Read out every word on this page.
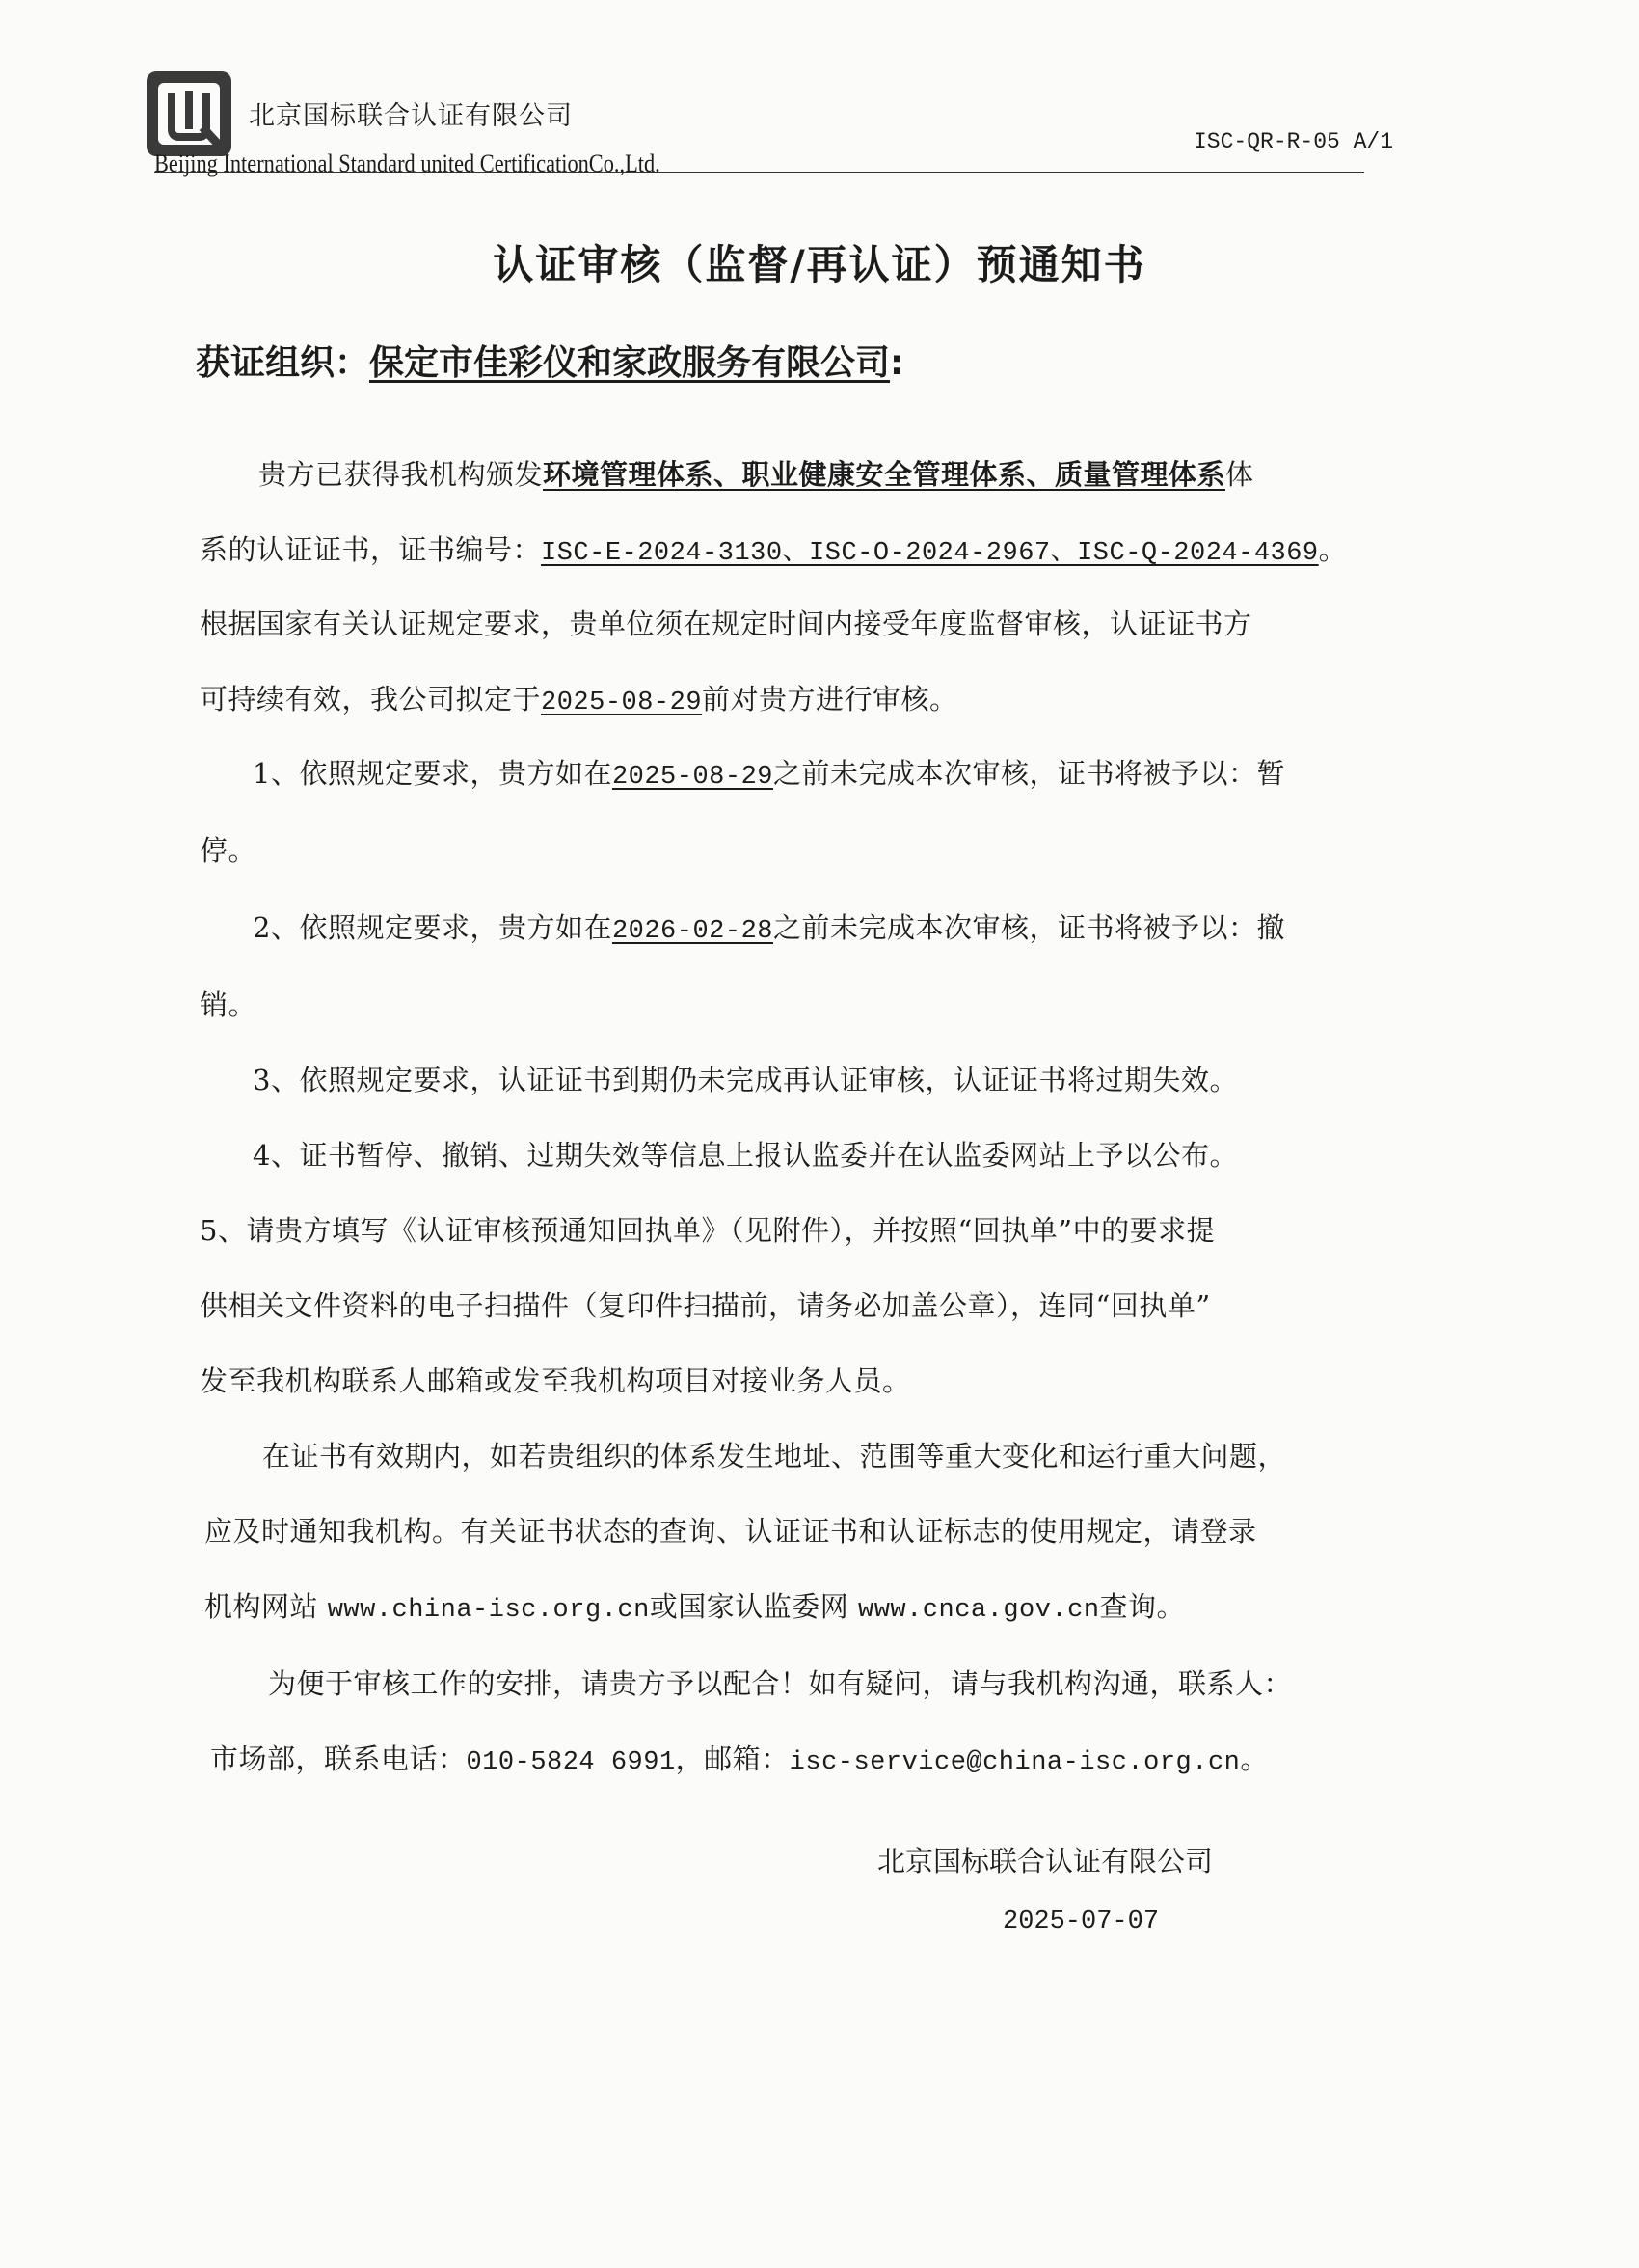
北京国标联合认证有限公司
Beijing International Standard united CertificationCo.,Ltd.
ISC-QR-R-05 A/1
认证审核（监督/再认证）预通知书
获证组织：保定市佳彩仪和家政服务有限公司:
贵方已获得我机构颁发环境管理体系、职业健康安全管理体系、质量管理体系体
系的认证证书，证书编号：ISC-E-2024-3130、ISC-O-2024-2967、ISC-Q-2024-4369。
根据国家有关认证规定要求，贵单位须在规定时间内接受年度监督审核，认证证书方
可持续有效，我公司拟定于2025-08-29前对贵方进行审核。
1、依照规定要求，贵方如在2025-08-29之前未完成本次审核，证书将被予以：暂
停。
2、依照规定要求，贵方如在2026-02-28之前未完成本次审核，证书将被予以：撤
销。
3、依照规定要求，认证证书到期仍未完成再认证审核，认证证书将过期失效。
4、证书暂停、撤销、过期失效等信息上报认监委并在认监委网站上予以公布。
5、请贵方填写《认证审核预通知回执单》（见附件），并按照“回执单”中的要求提
供相关文件资料的电子扫描件（复印件扫描前，请务必加盖公章），连同“回执单”
发至我机构联系人邮箱或发至我机构项目对接业务人员。
在证书有效期内，如若贵组织的体系发生地址、范围等重大变化和运行重大问题，
应及时通知我机构。有关证书状态的查询、认证证书和认证标志的使用规定，请登录
机构网站 www.china-isc.org.cn或国家认监委网 www.cnca.gov.cn查询。
为便于审核工作的安排，请贵方予以配合！如有疑问，请与我机构沟通，联系人：
市场部，联系电话：010-5824 6991，邮箱：isc-service@china-isc.org.cn。
北京国标联合认证有限公司
2025-07-07
